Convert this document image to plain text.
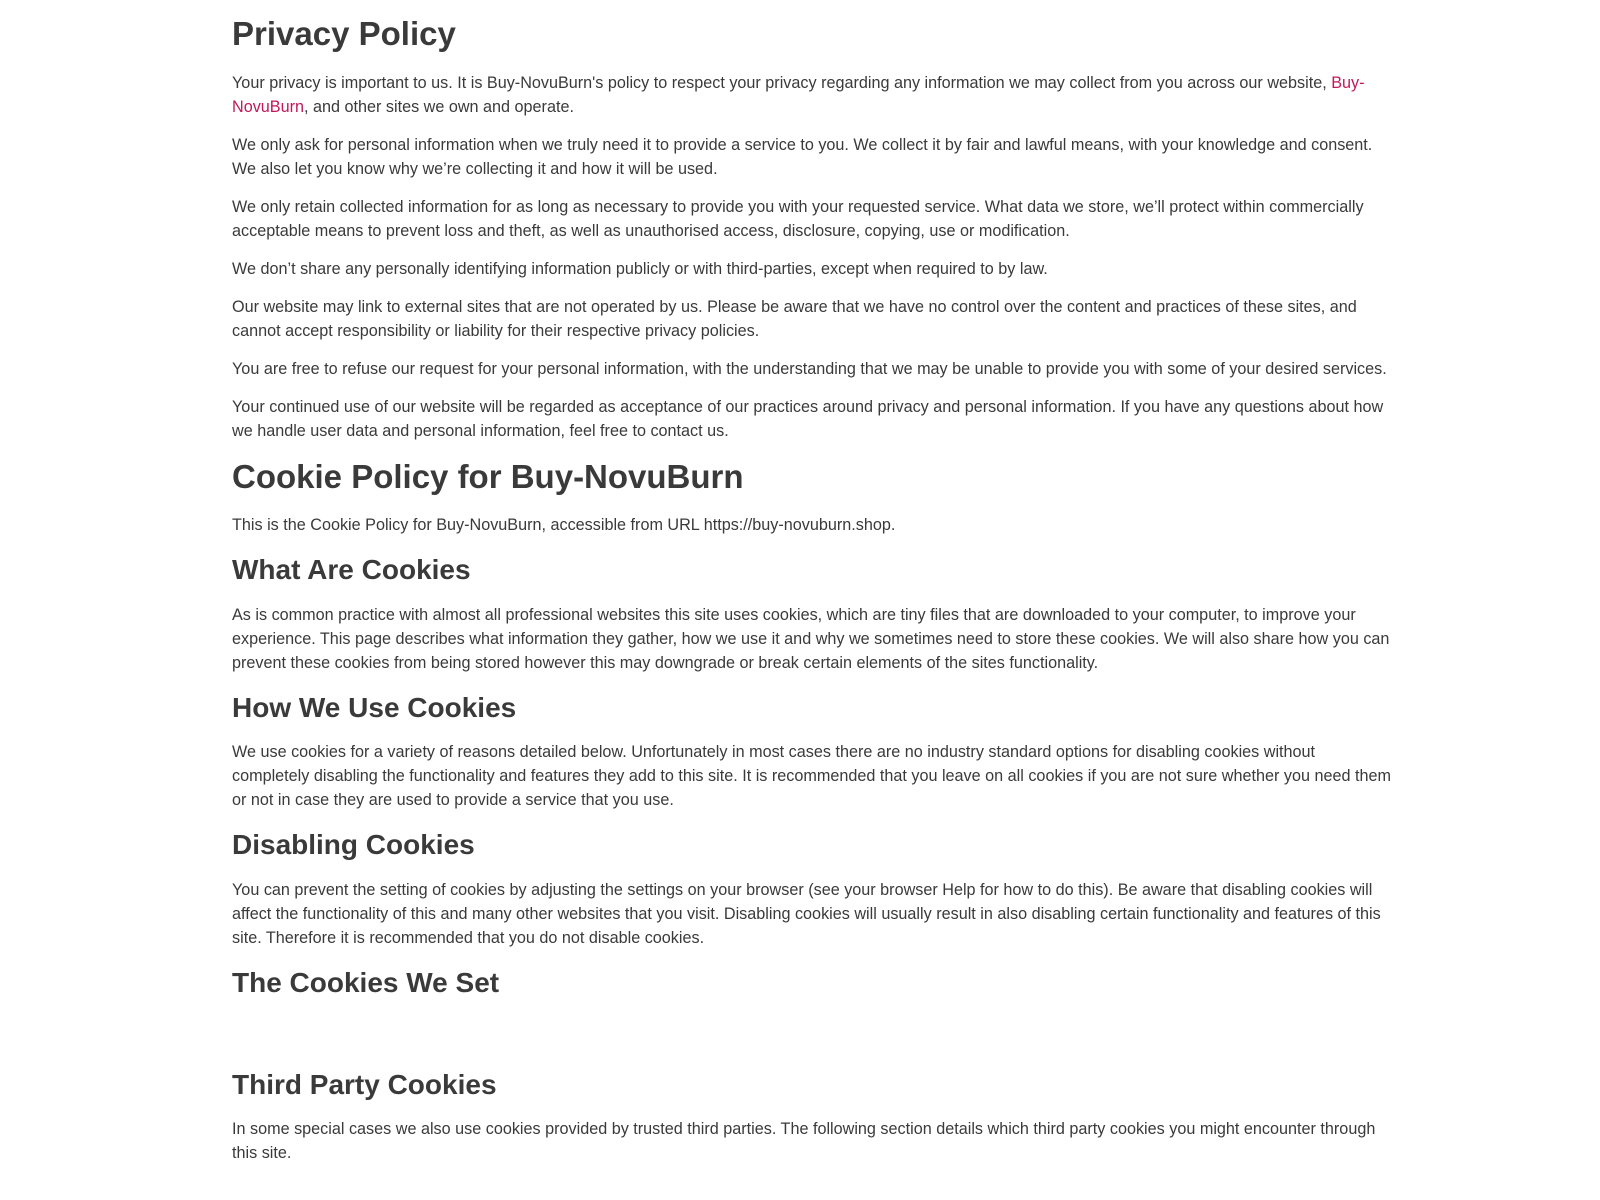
Privacy Policy

Your privacy is important to us. It is Buy-NovuBurn's policy to respect your privacy regarding any information we may collect from you across our website, Buy-NovuBurn, and other sites we own and operate.

We only ask for personal information when we truly need it to provide a service to you. We collect it by fair and lawful means, with your knowledge and consent. We also let you know why we’re collecting it and how it will be used.

We only retain collected information for as long as necessary to provide you with your requested service. What data we store, we’ll protect within commercially acceptable means to prevent loss and theft, as well as unauthorised access, disclosure, copying, use or modification.

We don’t share any personally identifying information publicly or with third-parties, except when required to by law.

Our website may link to external sites that are not operated by us. Please be aware that we have no control over the content and practices of these sites, and cannot accept responsibility or liability for their respective privacy policies.

You are free to refuse our request for your personal information, with the understanding that we may be unable to provide you with some of your desired services.

Your continued use of our website will be regarded as acceptance of our practices around privacy and personal information. If you have any questions about how we handle user data and personal information, feel free to contact us.

Cookie Policy for Buy-NovuBurn

This is the Cookie Policy for Buy-NovuBurn, accessible from URL https://buy-novuburn.shop.

What Are Cookies

As is common practice with almost all professional websites this site uses cookies, which are tiny files that are downloaded to your computer, to improve your experience. This page describes what information they gather, how we use it and why we sometimes need to store these cookies. We will also share how you can prevent these cookies from being stored however this may downgrade or break certain elements of the sites functionality.

How We Use Cookies

We use cookies for a variety of reasons detailed below. Unfortunately in most cases there are no industry standard options for disabling cookies without completely disabling the functionality and features they add to this site. It is recommended that you leave on all cookies if you are not sure whether you need them or not in case they are used to provide a service that you use.

Disabling Cookies

You can prevent the setting of cookies by adjusting the settings on your browser (see your browser Help for how to do this). Be aware that disabling cookies will affect the functionality of this and many other websites that you visit. Disabling cookies will usually result in also disabling certain functionality and features of this site. Therefore it is recommended that you do not disable cookies.

The Cookies We Set
Third Party Cookies

In some special cases we also use cookies provided by trusted third parties. The following section details which third party cookies you might encounter through this site.
